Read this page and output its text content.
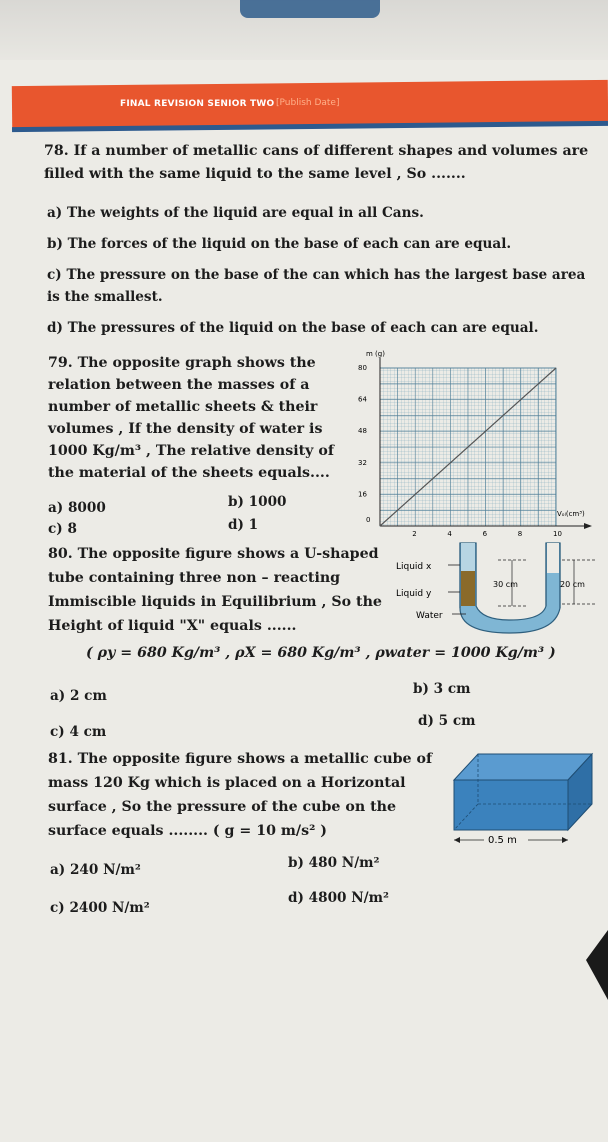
FINAL REVISION SENIOR TWO [Publish Date]
78. If a number of metallic cans of different shapes and volumes are
filled with the same liquid to the same level , So .......
a) The weights of the liquid are equal in all Cans.
b) The forces of the liquid on the base of each can are equal.
c) The pressure on the base of the can which has the largest base area
is the smallest.
d) The pressures of the liquid on the base of each can are equal.
79. The opposite graph shows the
relation between the masses of a
number of metallic sheets & their
volumes , If the density of water is
1000 Kg/m³ , The relative density of
the material of the sheets equals....
a) 8000	b) 1000
c) 8	d) 1
m (g)
Vₒₗ(cm³)
0
2	4	6	8	10
16
32
48
64
80
80. The opposite figure shows a U-shaped
tube containing three non – reacting
Immiscible liquids in Equilibrium , So the
Height of liquid "X" equals ......
( ρy = 680 Kg/m³ , ρX = 680 Kg/m³ , ρwater = 1000 Kg/m³ )
a) 2 cm	b) 3 cm
c) 4 cm
d) 5 cm
Liquid x
Liquid y
Water
30 cm	20 cm
81. The opposite figure shows a metallic cube of
mass 120 Kg which is placed on a Horizontal
surface , So the pressure of the cube on the
surface equals ........ ( g = 10 m/s² )
a) 240 N/m²	b) 480 N/m²
c) 2400 N/m²
d) 4800 N/m²
0.5 m
